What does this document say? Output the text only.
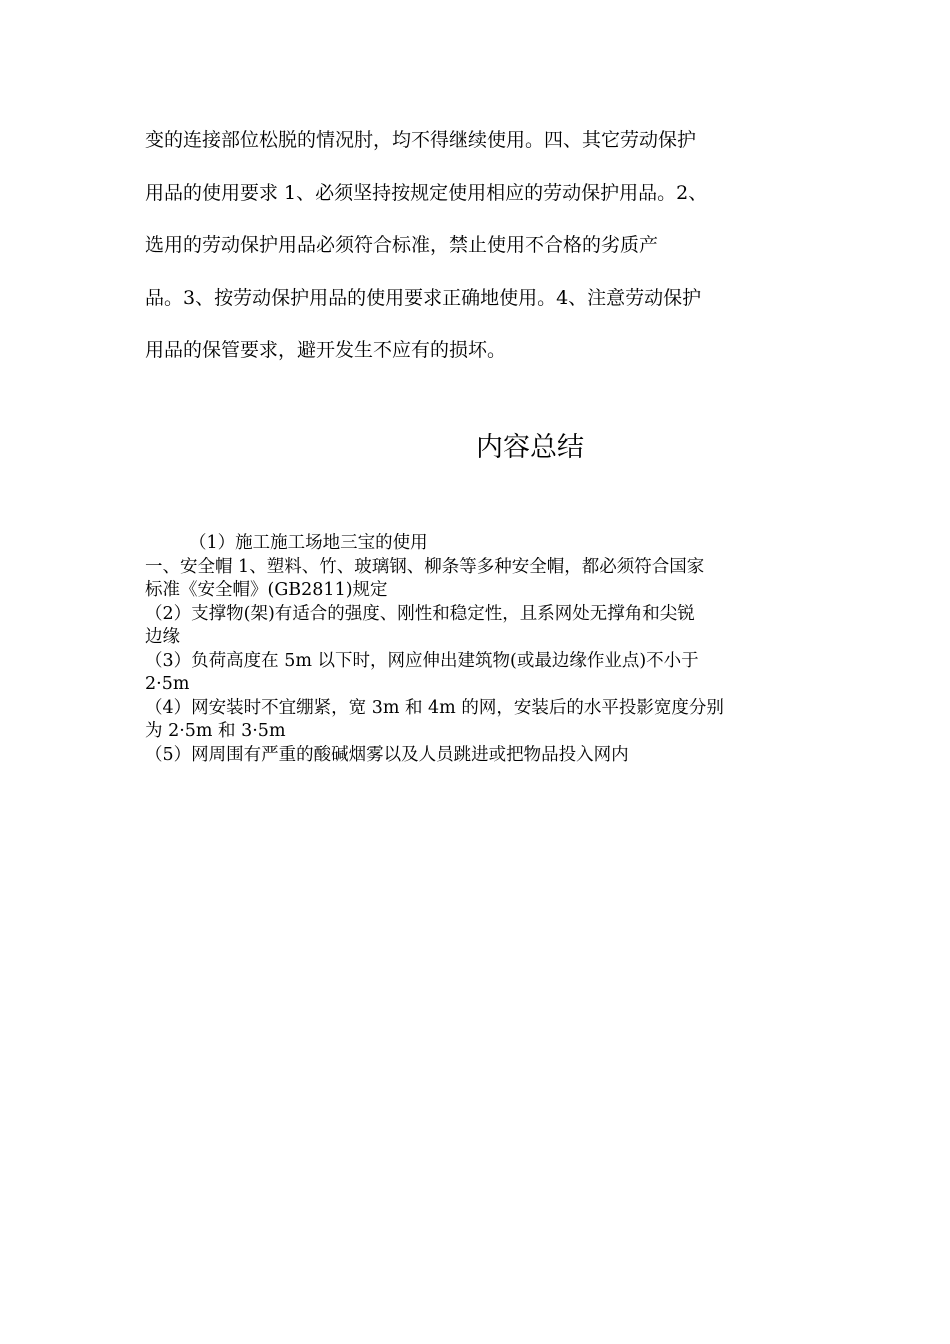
变的连接部位松脱的情况肘，均不得继续使用。四、其它劳动保护
用品的使用要求 1、必须坚持按规定使用相应的劳动保护用品。2、
选用的劳动保护用品必须符合标准，禁止使用不合格的劣质产
品。3、按劳动保护用品的使用要求正确地使用。4、注意劳动保护
用品的保管要求，避开发生不应有的损坏。
内容总结
（1）施工施工场地三宝的使用
一、安全帽 1、塑料、竹、玻璃钢、柳条等多种安全帽，都必须符合国家
标准《安全帽》(GB2811)规定
（2）支撑物(架)有适合的强度、刚性和稳定性，且系网处无撑角和尖锐
边缘
（3）负荷高度在 5m 以下时，网应伸出建筑物(或最边缘作业点)不小于
2·5m
（4）网安装时不宜绷紧，宽 3m 和 4m 的网，安装后的水平投影宽度分别
为 2·5m 和 3·5m
（5）网周围有严重的酸碱烟雾以及人员跳进或把物品投入网内
